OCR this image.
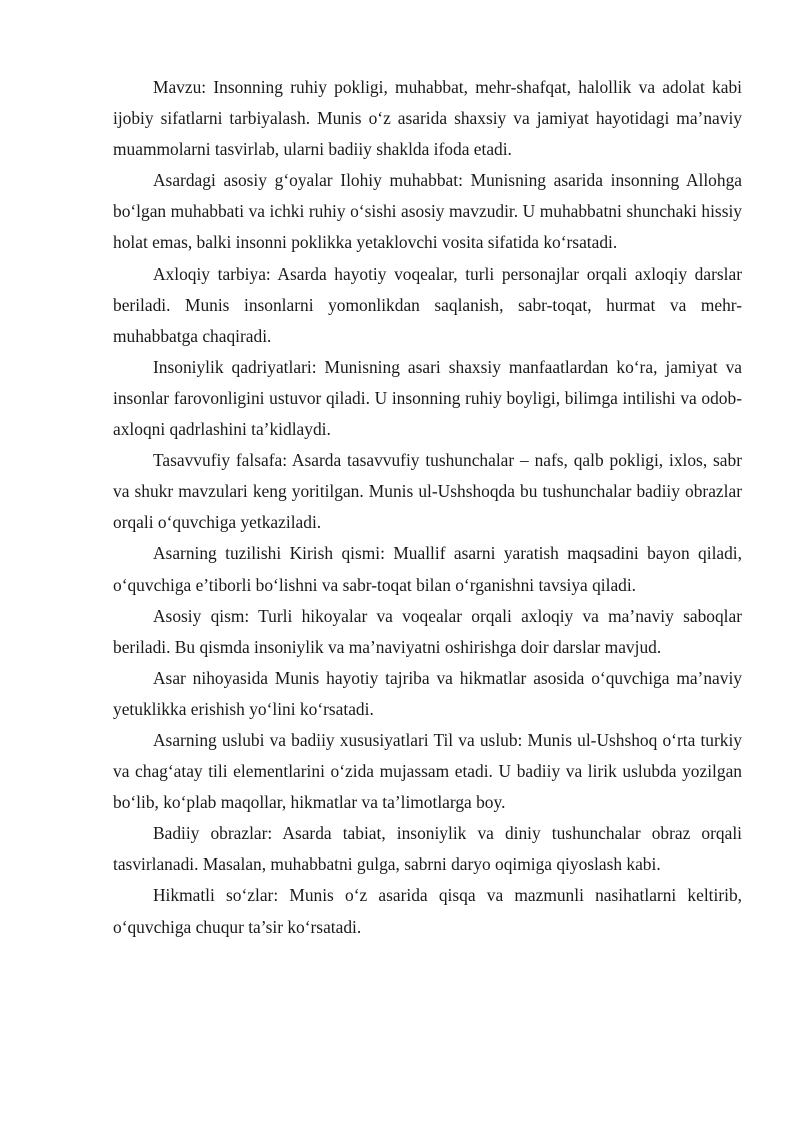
Mavzu: Insonning ruhiy pokligi, muhabbat, mehr-shafqat, halollik va adolat kabi ijobiy sifatlarni tarbiyalash. Munis o‘z asarida shaxsiy va jamiyat hayotidagi ma’naviy muammolarni tasvirlab, ularni badiiy shaklda ifoda etadi.

Asardagi asosiy g‘oyalar Ilohiy muhabbat: Munisning asarida insonning Allohga bo‘lgan muhabbati va ichki ruhiy o‘sishi asosiy mavzudir. U muhabbatni shunchaki hissiy holat emas, balki insonni poklikka yetaklovchi vosita sifatida ko‘rsatadi.

Axloqiy tarbiya: Asarda hayotiy voqealar, turli personajlar orqali axloqiy darslar beriladi. Munis insonlarni yomonlikdan saqlanish, sabr-toqat, hurmat va mehr-muhabbatga chaqiradi.

Insoniylik qadriyatlari: Munisning asari shaxsiy manfaatlardan ko‘ra, jamiyat va insonlar farovonligini ustuvor qiladi. U insonning ruhiy boyligi, bilimga intilishi va odob-axloqni qadrlashini ta’kidlaydi.

Tasavvufiy falsafa: Asarda tasavvufiy tushunchalar – nafs, qalb pokligi, ixlos, sabr va shukr mavzulari keng yoritilgan. Munis ul-Ushshoqda bu tushunchalar badiiy obrazlar orqali o‘quvchiga yetkaziladi.

Asarning tuzilishi Kirish qismi: Muallif asarni yaratish maqsadini bayon qiladi, o‘quvchiga e’tiborli bo‘lishni va sabr-toqat bilan o‘rganishni tavsiya qiladi.

Asosiy qism: Turli hikoyalar va voqealar orqali axloqiy va ma’naviy saboqlar beriladi. Bu qismda insoniylik va ma’naviyatni oshirishga doir darslar mavjud.

Asar nihoyasida Munis hayotiy tajriba va hikmatlar asosida o‘quvchiga ma’naviy yetuklikka erishish yo‘lini ko‘rsatadi.

Asarning uslubi va badiiy xususiyatlari Til va uslub: Munis ul-Ushshoq o‘rta turkiy va chag‘atay tili elementlarini o‘zida mujassam etadi. U badiiy va lirik uslubda yozilgan bo‘lib, ko‘plab maqollar, hikmatlar va ta’limotlarga boy.

Badiiy obrazlar: Asarda tabiat, insoniylik va diniy tushunchalar obraz orqali tasvirlanadi. Masalan, muhabbatni gulga, sabrni daryo oqimiga qiyoslash kabi.

Hikmatli so‘zlar: Munis o‘z asarida qisqa va mazmunli nasihatlarni keltirib, o‘quvchiga chuqur ta’sir ko‘rsatadi.
